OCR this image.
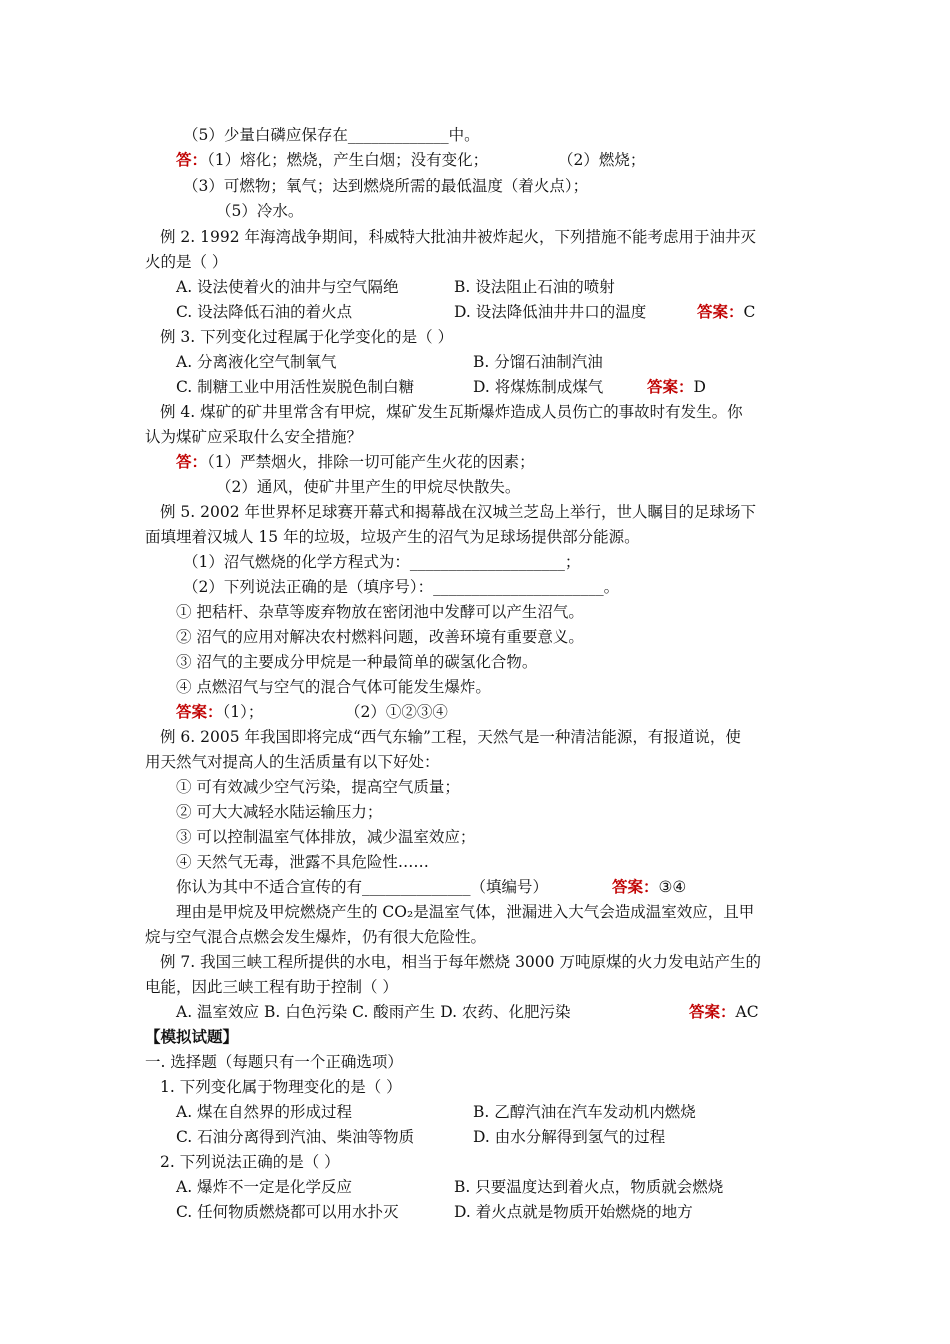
（5）少量白磷应保存在_____________中。
答：（1）熔化；燃烧，产生白烟；没有变化；	（2）燃烧；
（3）可燃物；氧气；达到燃烧所需的最低温度（着火点）；
（5）冷水。
例 2. 1992 年海湾战争期间，科威特大批油井被炸起火，下列措施不能考虑用于油井灭
火的是（ ）
A. 设法使着火的油井与空气隔绝	B. 设法阻止石油的喷射
C. 设法降低石油的着火点	D. 设法降低油井井口的温度	答案：C
例 3. 下列变化过程属于化学变化的是（ ）
A. 分离液化空气制氧气	B. 分馏石油制汽油
C. 制糖工业中用活性炭脱色制白糖	D. 将煤炼制成煤气	答案：D
例 4. 煤矿的矿井里常含有甲烷，煤矿发生瓦斯爆炸造成人员伤亡的事故时有发生。你
认为煤矿应采取什么安全措施？
答：（1）严禁烟火，排除一切可能产生火花的因素；
（2）通风，使矿井里产生的甲烷尽快散失。
例 5. 2002 年世界杯足球赛开幕式和揭幕战在汉城兰芝岛上举行，世人瞩目的足球场下
面填埋着汉城人 15 年的垃圾，垃圾产生的沼气为足球场提供部分能源。
（1）沼气燃烧的化学方程式为：____________________；
（2）下列说法正确的是（填序号）：______________________。
① 把秸杆、杂草等废弃物放在密闭池中发酵可以产生沼气。
② 沼气的应用对解决农村燃料问题，改善环境有重要意义。
③ 沼气的主要成分甲烷是一种最简单的碳氢化合物。
④ 点燃沼气与空气的混合气体可能发生爆炸。
答案：（1）；	（2）①②③④
例 6. 2005 年我国即将完成“西气东输”工程，天然气是一种清洁能源，有报道说，使
用天然气对提高人的生活质量有以下好处：
① 可有效减少空气污染，提高空气质量；
② 可大大减轻水陆运输压力；
③ 可以控制温室气体排放，减少温室效应；
④ 天然气无毒，泄露不具危险性……
你认为其中不适合宣传的有______________（填编号）	答案：③④
理由是甲烷及甲烷燃烧产生的 CO₂是温室气体，泄漏进入大气会造成温室效应，且甲
烷与空气混合点燃会发生爆炸，仍有很大危险性。
例 7. 我国三峡工程所提供的水电，相当于每年燃烧 3000 万吨原煤的火力发电站产生的
电能，因此三峡工程有助于控制（ ）
A. 温室效应 B. 白色污染 C. 酸雨产生 D. 农药、化肥污染	答案：AC
【模拟试题】
一. 选择题（每题只有一个正确选项）
1. 下列变化属于物理变化的是（ ）
A. 煤在自然界的形成过程	B. 乙醇汽油在汽车发动机内燃烧
C. 石油分离得到汽油、柴油等物质	D. 由水分解得到氢气的过程
2. 下列说法正确的是（ ）
A. 爆炸不一定是化学反应	B. 只要温度达到着火点，物质就会燃烧
C. 任何物质燃烧都可以用水扑灭	D. 着火点就是物质开始燃烧的地方
